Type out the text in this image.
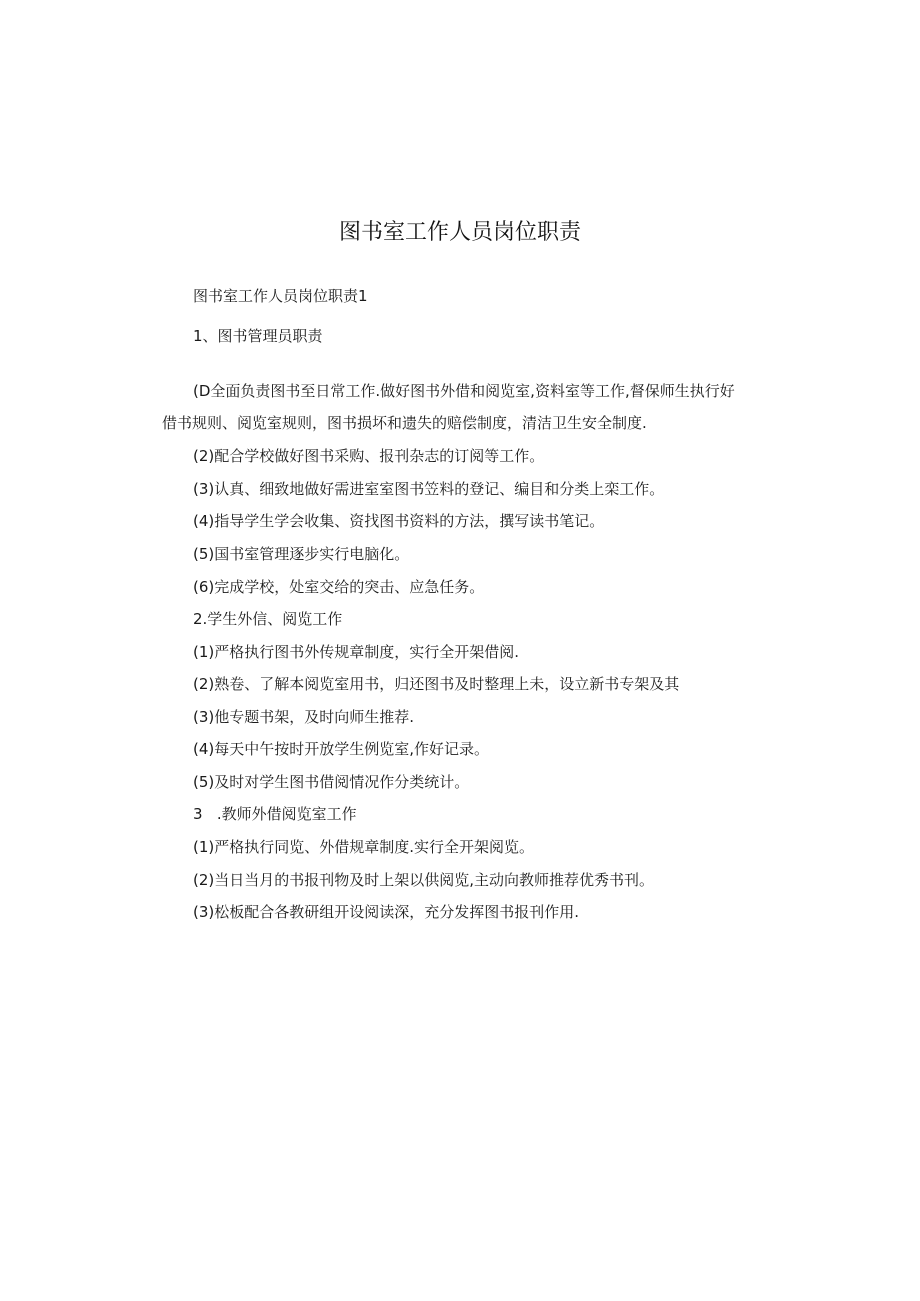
图书室工作人员岗位职责
图书室工作人员岗位职责1
1、图书管理员职责
(D全面负责图书至日常工作.做好图书外借和阅览室,资料室等工作,督保师生执行好
借书规则、阅览室规则，图书损坏和遗失的赔偿制度，清洁卫生安全制度.
(2)配合学校做好图书采购、报刊杂志的订阅等工作。
(3)认真、细致地做好需进室室图书笠料的登记、编目和分类上栾工作。
(4)指导学生学会收集、资找图书资料的方法，撰写读书笔记。
(5)国书室管理逐步实行电脑化。
(6)完成学校，处室交给的突击、应急任务。
2.学生外信、阅览工作
(1)严格执行图书外传规章制度，实行全开架借阅.
(2)熟卷、了解本阅览室用书，归还图书及时整理上未，设立新书专架及其
(3)他专题书架，及时向师生推荐.
(4)每天中午按时开放学生例览室,作好记录。
(5)及时对学生图书借阅情况作分类统计。
3   .教师外借阅览室工作
(1)严格执行同览、外借规章制度.实行全开架阅览。
(2)当日当月的书报刊物及时上架以供阅览,主动向教师推荐优秀书刊。
(3)松板配合各教研组开设阅读深，充分发挥图书报刊作用.
